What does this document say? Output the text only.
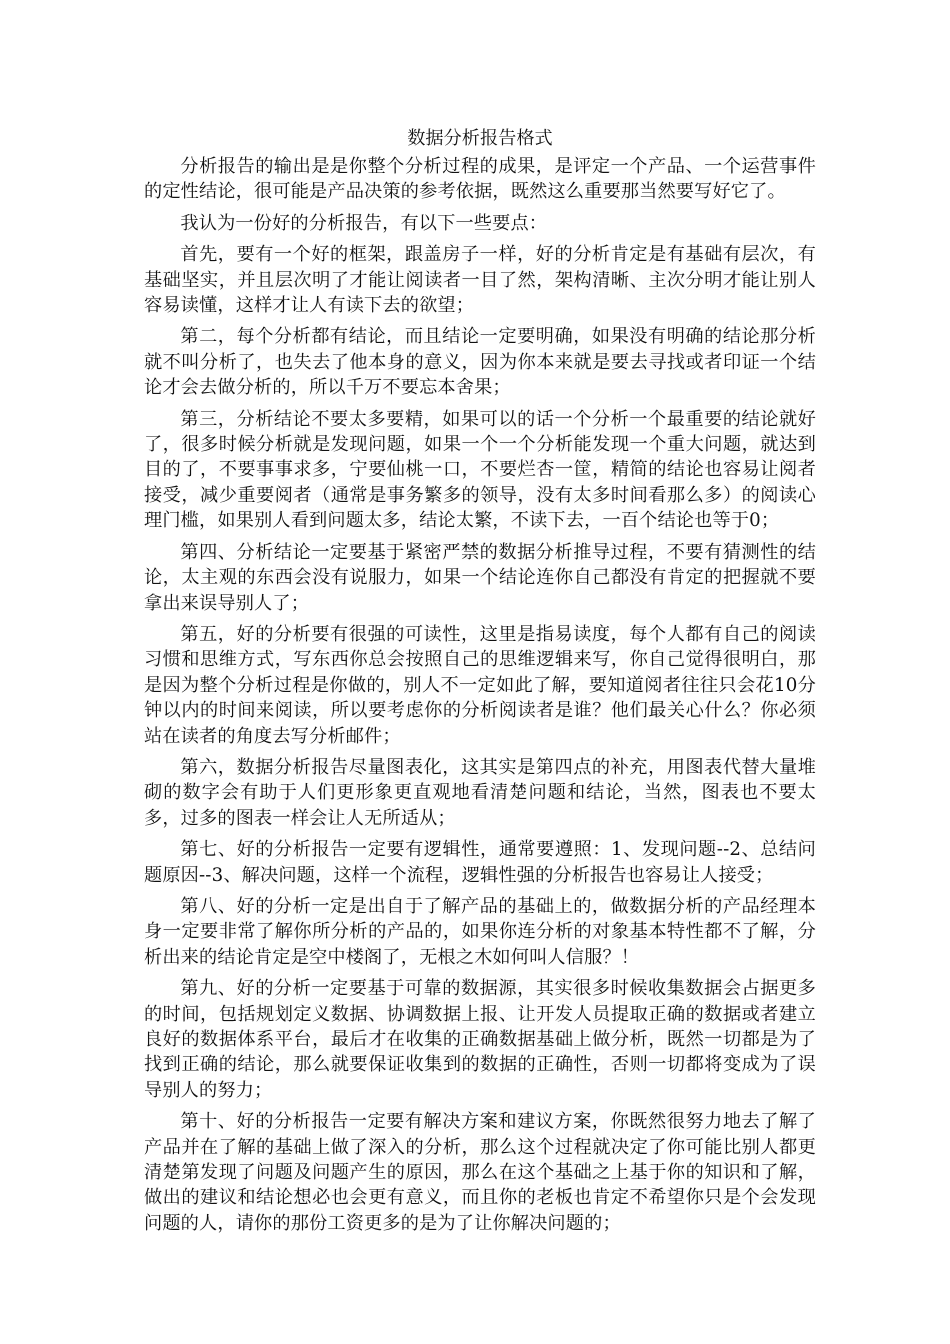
数据分析报告格式

分析报告的输出是是你整个分析过程的成果，是评定一个产品、一个运营事件的定性结论，很可能是产品决策的参考依据，既然这么重要那当然要写好它了。

我认为一份好的分析报告，有以下一些要点：

首先，要有一个好的框架，跟盖房子一样，好的分析肯定是有基础有层次，有基础坚实，并且层次明了才能让阅读者一目了然，架构清晰、主次分明才能让别人容易读懂，这样才让人有读下去的欲望；

第二，每个分析都有结论，而且结论一定要明确，如果没有明确的结论那分析就不叫分析了，也失去了他本身的意义，因为你本来就是要去寻找或者印证一个结论才会去做分析的，所以千万不要忘本舍果；

第三，分析结论不要太多要精，如果可以的话一个分析一个最重要的结论就好了，很多时候分析就是发现问题，如果一个一个分析能发现一个重大问题，就达到目的了，不要事事求多，宁要仙桃一口，不要烂杏一筐，精简的结论也容易让阅者接受，减少重要阅者（通常是事务繁多的领导，没有太多时间看那么多）的阅读心理门槛，如果别人看到问题太多，结论太繁，不读下去，一百个结论也等于0；

第四、分析结论一定要基于紧密严禁的数据分析推导过程，不要有猜测性的结论，太主观的东西会没有说服力，如果一个结论连你自己都没有肯定的把握就不要拿出来误导别人了；

第五，好的分析要有很强的可读性，这里是指易读度，每个人都有自己的阅读习惯和思维方式，写东西你总会按照自己的思维逻辑来写，你自己觉得很明白，那是因为整个分析过程是你做的，别人不一定如此了解，要知道阅者往往只会花10分钟以内的时间来阅读，所以要考虑你的分析阅读者是谁？他们最关心什么？你必须站在读者的角度去写分析邮件；

第六，数据分析报告尽量图表化，这其实是第四点的补充，用图表代替大量堆砌的数字会有助于人们更形象更直观地看清楚问题和结论，当然，图表也不要太多，过多的图表一样会让人无所适从；

第七、好的分析报告一定要有逻辑性，通常要遵照：1、发现问题--2、总结问题原因--3、解决问题，这样一个流程，逻辑性强的分析报告也容易让人接受；

第八、好的分析一定是出自于了解产品的基础上的，做数据分析的产品经理本身一定要非常了解你所分析的产品的，如果你连分析的对象基本特性都不了解，分析出来的结论肯定是空中楼阁了，无根之木如何叫人信服？！

第九、好的分析一定要基于可靠的数据源，其实很多时候收集数据会占据更多的时间，包括规划定义数据、协调数据上报、让开发人员提取正确的数据或者建立良好的数据体系平台，最后才在收集的正确数据基础上做分析，既然一切都是为了找到正确的结论，那么就要保证收集到的数据的正确性，否则一切都将变成为了误导别人的努力；

第十、好的分析报告一定要有解决方案和建议方案，你既然很努力地去了解了产品并在了解的基础上做了深入的分析，那么这个过程就决定了你可能比别人都更清楚第发现了问题及问题产生的原因，那么在这个基础之上基于你的知识和了解，做出的建议和结论想必也会更有意义，而且你的老板也肯定不希望你只是个会发现问题的人，请你的那份工资更多的是为了让你解决问题的；
